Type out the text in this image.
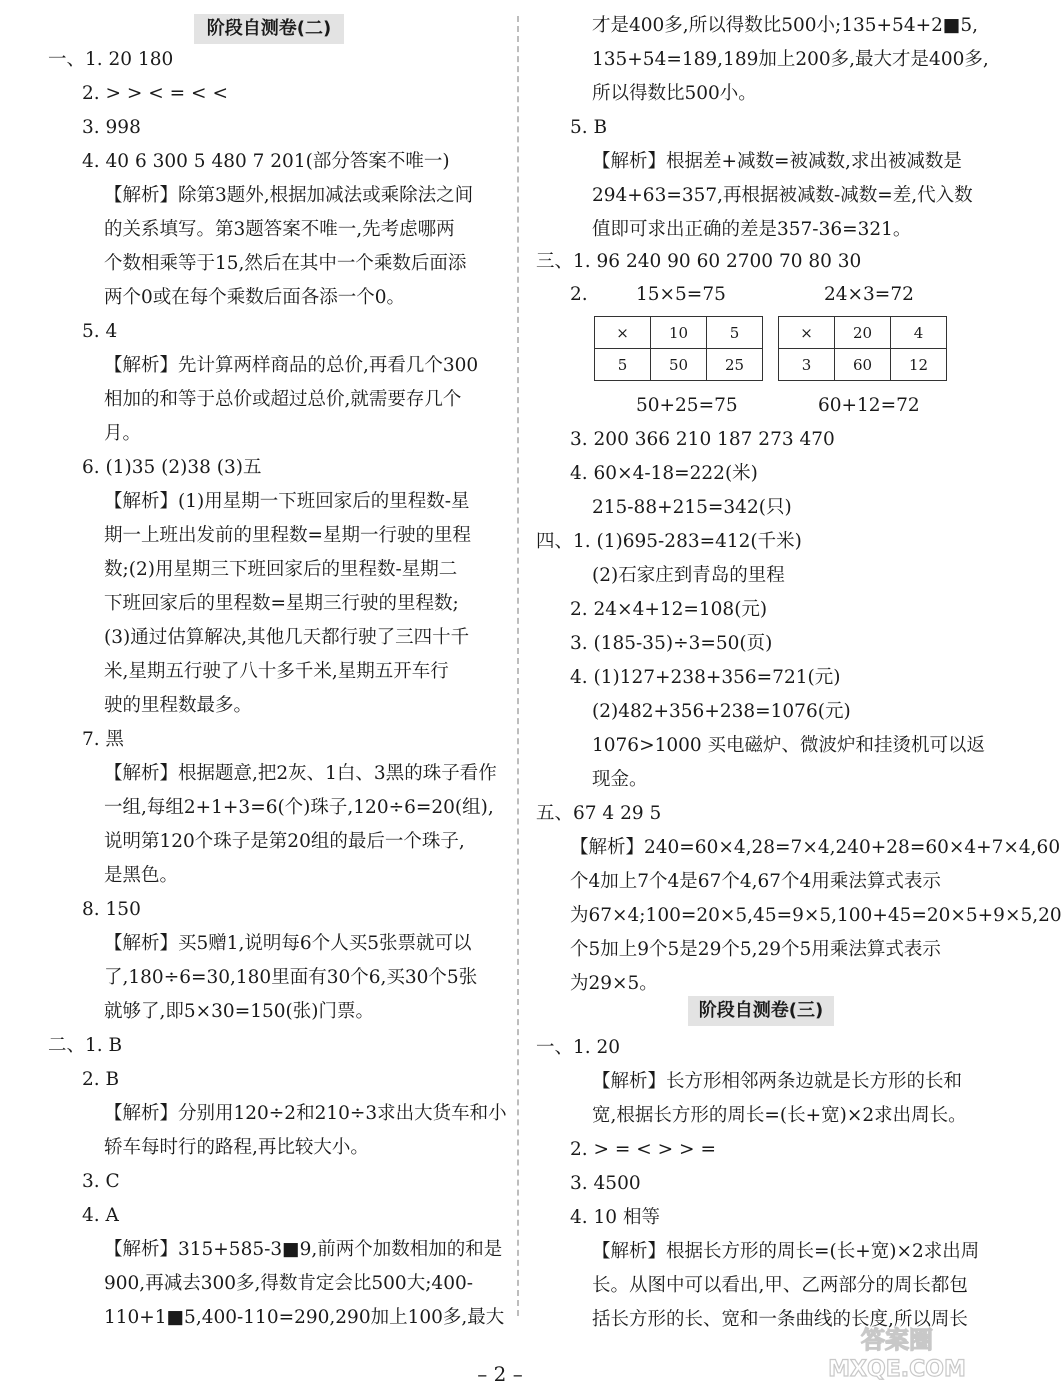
阶段自测卷(二)
阶段自测卷(三)
一、1. 20 180
2. > > < = < <
3. 998
4. 40 6 300 5 480 7 201(部分答案不唯一)
【解析】除第3题外,根据加减法或乘除法之间
的关系填写。第3题答案不唯一,先考虑哪两
个数相乘等于15,然后在其中一个乘数后面添
两个0或在每个乘数后面各添一个0。
5. 4
【解析】先计算两样商品的总价,再看几个300
相加的和等于总价或超过总价,就需要存几个
月。
6. (1)35 (2)38 (3)五
【解析】(1)用星期一下班回家后的里程数-星
期一上班出发前的里程数=星期一行驶的里程
数;(2)用星期三下班回家后的里程数-星期二
下班回家后的里程数=星期三行驶的里程数;
(3)通过估算解决,其他几天都行驶了三四十千
米,星期五行驶了八十多千米,星期五开车行
驶的里程数最多。
7. 黑
【解析】根据题意,把2灰、1白、3黑的珠子看作
一组,每组2+1+3=6(个)珠子,120÷6=20(组),
说明第120个珠子是第20组的最后一个珠子,
是黑色。
8. 150
【解析】买5赠1,说明每6个人买5张票就可以
了,180÷6=30,180里面有30个6,买30个5张
就够了,即5×30=150(张)门票。
二、1. B
2. B
【解析】分别用120÷2和210÷3求出大货车和小
轿车每时行的路程,再比较大小。
3. C
4. A
【解析】315+585-3■9,前两个加数相加的和是
900,再减去300多,得数肯定会比500大;400-
110+1■5,400-110=290,290加上100多,最大
才是400多,所以得数比500小;135+54+2■5,
135+54=189,189加上200多,最大才是400多,
所以得数比500小。
5. B
【解析】根据差+减数=被减数,求出被减数是
294+63=357,再根据被减数-减数=差,代入数
值即可求出正确的差是357-36=321。
三、1. 96 240 90 60 2700 70 80 30
2.	15×5=75	24×3=72
50+25=75	60+12=72
3. 200 366 210 187 273 470
4. 60×4-18=222(米)
215-88+215=342(只)
四、1. (1)695-283=412(千米)
(2)石家庄到青岛的里程
2. 24×4+12=108(元)
3. (185-35)÷3=50(页)
4. (1)127+238+356=721(元)
(2)482+356+238=1076(元)
1076>1000 买电磁炉、微波炉和挂烫机可以返
现金。
五、67 4 29 5
【解析】240=60×4,28=7×4,240+28=60×4+7×4,60
个4加上7个4是67个4,67个4用乘法算式表示
为67×4;100=20×5,45=9×5,100+45=20×5+9×5,20
个5加上9个5是29个5,29个5用乘法算式表示
为29×5。
一、1. 20
【解析】长方形相邻两条边就是长方形的长和
宽,根据长方形的周长=(长+宽)×2求出周长。
2. > = < > > =
3. 4500
4. 10 相等
【解析】根据长方形的周长=(长+宽)×2求出周
长。从图中可以看出,甲、乙两部分的周长都包
括长方形的长、宽和一条曲线的长度,所以周长
×	10	5
5	50	25
×	20	4
3	60	12
– 2 –
答案圈
MXQE.COM
